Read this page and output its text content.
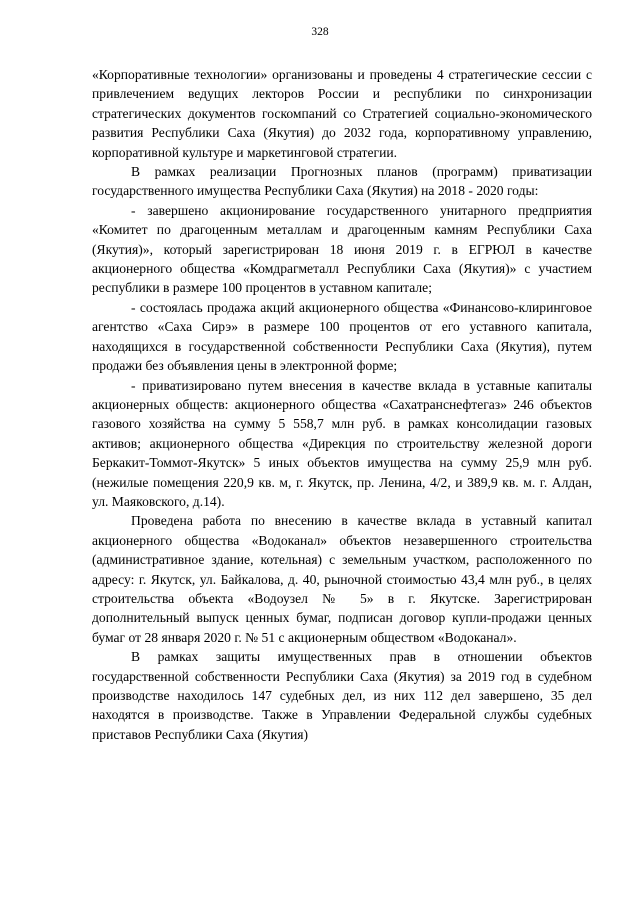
328

«Корпоративные технологии» организованы и проведены 4 стратегические сессии с привлечением ведущих лекторов России и республики по синхронизации стратегических документов госкомпаний со Стратегией социально-экономического развития Республики Саха (Якутия) до 2032 года, корпоративному управлению, корпоративной культуре и маркетинговой стратегии.

В рамках реализации Прогнозных планов (программ) приватизации государственного имущества Республики Саха (Якутия) на 2018 - 2020 годы:

- завершено акционирование государственного унитарного предприятия «Комитет по драгоценным металлам и драгоценным камням Республики Саха (Якутия)», который зарегистрирован 18 июня 2019 г. в ЕГРЮЛ в качестве акционерного общества «Комдрагметалл Республики Саха (Якутия)» с участием республики в размере 100 процентов в уставном капитале;

- состоялась продажа акций акционерного общества «Финансово-клиринговое агентство «Саха Сирэ» в размере 100 процентов от его уставного капитала, находящихся в государственной собственности Республики Саха (Якутия), путем продажи без объявления цены в электронной форме;

- приватизировано путем внесения в качестве вклада в уставные капиталы акционерных обществ: акционерного общества «Сахатранснефтегаз» 246 объектов газового хозяйства на сумму 5 558,7 млн руб. в рамках консолидации газовых активов; акционерного общества «Дирекция по строительству железной дороги Беркакит-Томмот-Якутск» 5 иных объектов имущества на сумму 25,9 млн руб. (нежилые помещения 220,9 кв. м, г. Якутск, пр. Ленина, 4/2, и 389,9 кв. м. г. Алдан, ул. Маяковского, д.14).

Проведена работа по внесению в качестве вклада в уставный капитал акционерного общества «Водоканал» объектов незавершенного строительства (административное здание, котельная) с земельным участком, расположенного по адресу: г. Якутск, ул. Байкалова, д. 40, рыночной стоимостью 43,4 млн руб., в целях строительства объекта «Водоузел № 5» в г. Якутске. Зарегистрирован дополнительный выпуск ценных бумаг, подписан договор купли-продажи ценных бумаг от 28 января 2020 г. № 51 с акционерным обществом «Водоканал».

В рамках защиты имущественных прав в отношении объектов государственной собственности Республики Саха (Якутия) за 2019 год в судебном производстве находилось 147 судебных дел, из них 112 дел завершено, 35 дел находятся в производстве. Также в Управлении Федеральной службы судебных приставов Республики Саха (Якутия)
